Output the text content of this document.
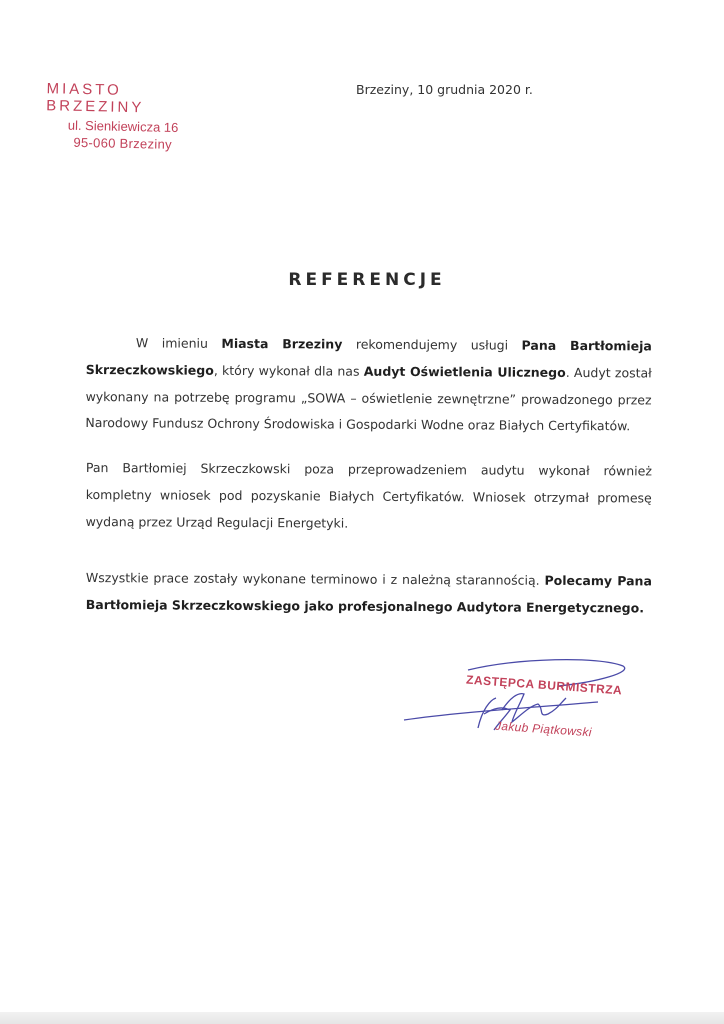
MIASTO BRZEZINY
ul. Sienkiewicza 16
95-060 Brzeziny
Brzeziny, 10 grudnia 2020 r.
REFERENCJE
W imieniu Miasta Brzeziny rekomendujemy usługi Pana Bartłomieja Skrzeczkowskiego, który wykonał dla nas Audyt Oświetlenia Ulicznego. Audyt został wykonany na potrzebę programu „SOWA – oświetlenie zewnętrzne” prowadzonego przez Narodowy Fundusz Ochrony Środowiska i Gospodarki Wodne oraz Białych Certyfikatów.
Pan Bartłomiej Skrzeczkowski poza przeprowadzeniem audytu wykonał również kompletny wniosek pod pozyskanie Białych Certyfikatów. Wniosek otrzymał promesę wydaną przez Urząd Regulacji Energetyki.
Wszystkie prace zostały wykonane terminowo i z należną starannością. Polecamy Pana Bartłomieja Skrzeczkowskiego jako profesjonalnego Audytora Energetycznego.
ZASTĘPCA BURMISTRZA
Jakub Piątkowski
